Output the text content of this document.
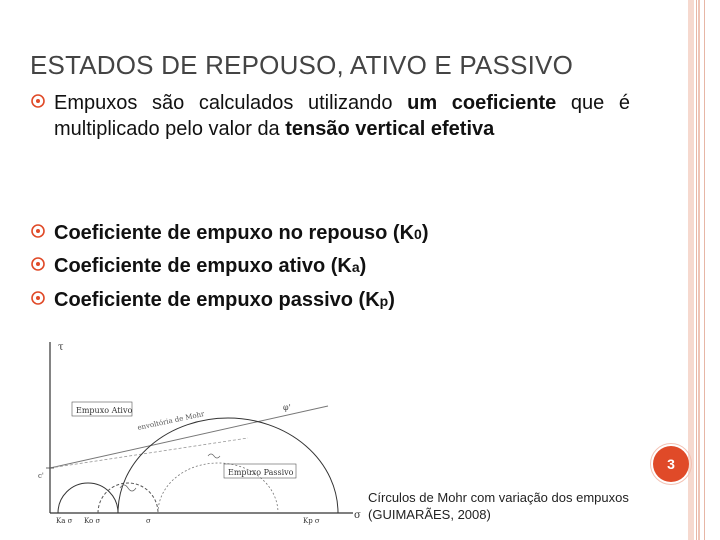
ESTADOS DE REPOUSO, ATIVO E PASSIVO
Empuxos são calculados utilizando um coeficiente que é multiplicado pelo valor da tensão vertical efetiva
Coeficiente de empuxo no repouso (K0)
Coeficiente de empuxo ativo (Ka)
Coeficiente de empuxo passivo (Kp)
τ
σ
envoltória de Mohr
φ'
Empuxo Ativo
Empuxo Passivo
c'
Ka σ Ko σ	σ	Kp σ
3
Círculos de Mohr com variação dos empuxos
(GUIMARÃES, 2008)
